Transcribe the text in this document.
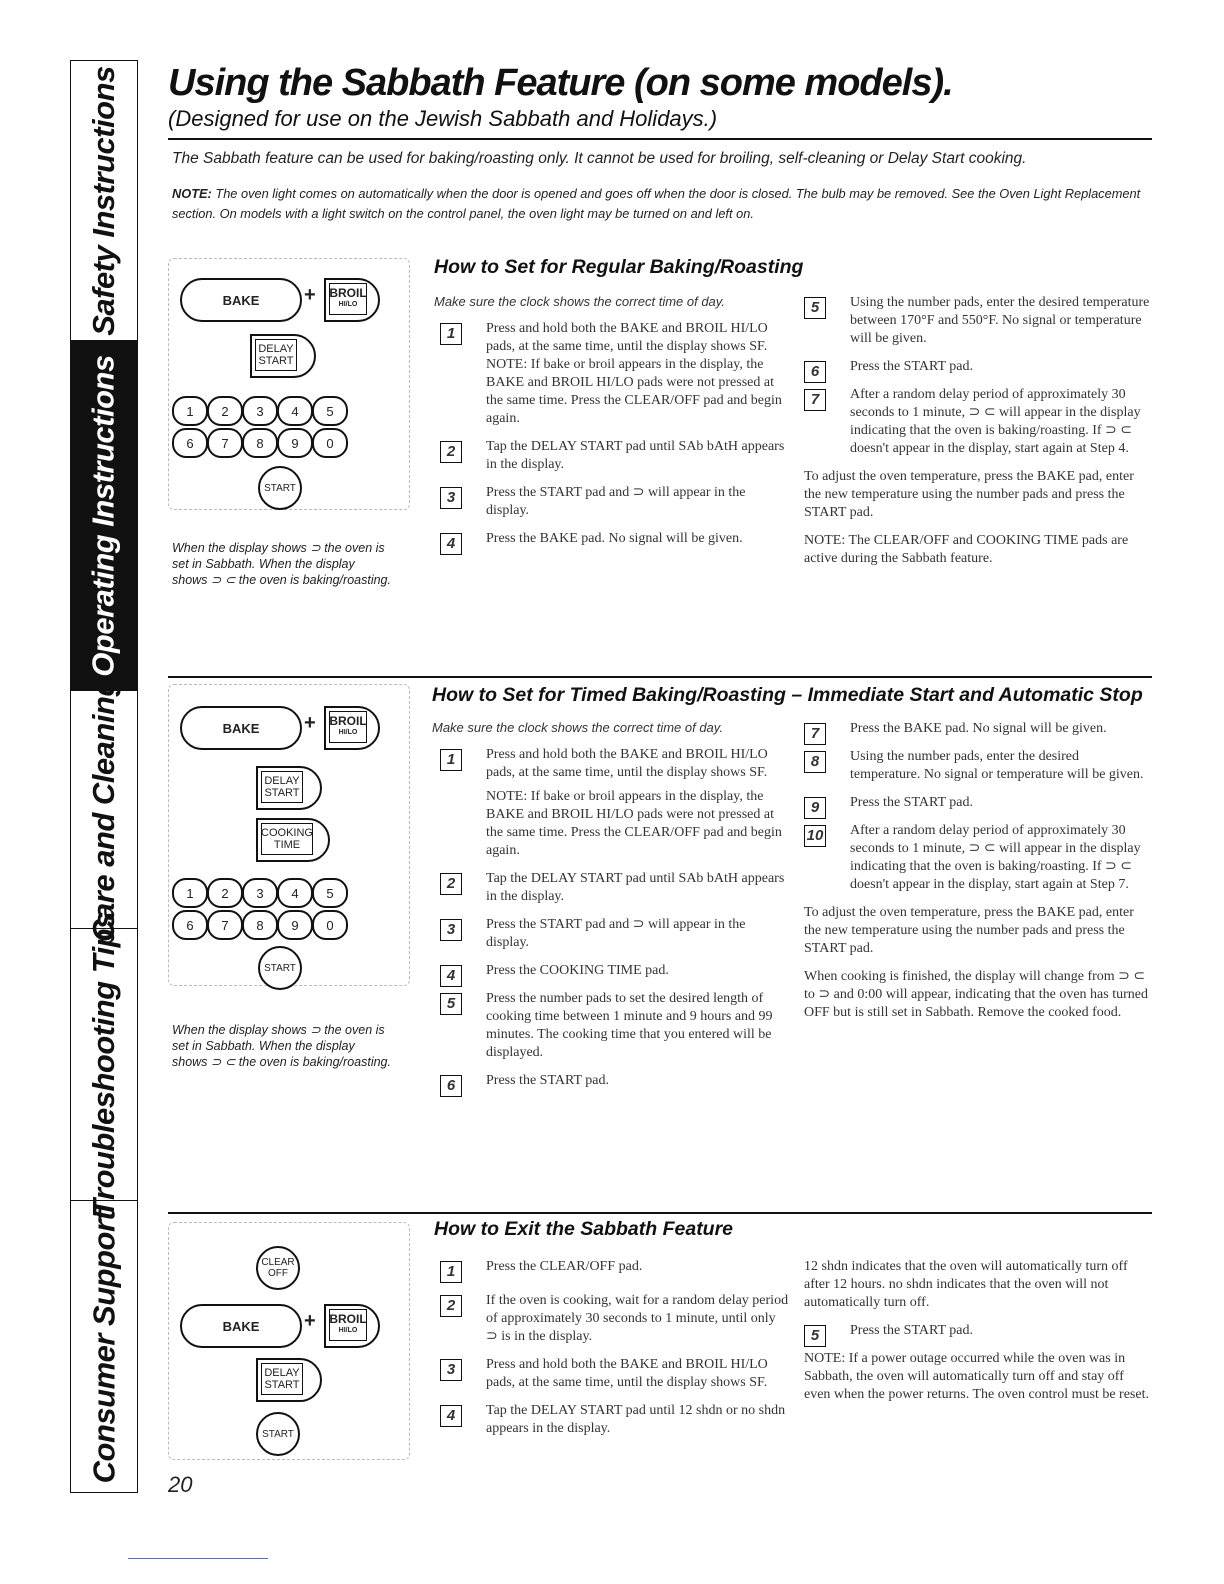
Safety Instructions
Operating Instructions
Care and Cleaning
Troubleshooting Tips
Consumer Support
Using the Sabbath Feature (on some models).
(Designed for use on the Jewish Sabbath and Holidays.)
The Sabbath feature can be used for baking/roasting only. It cannot be used for broiling, self-cleaning or Delay Start cooking.
NOTE: The oven light comes on automatically when the door is opened and goes off when the door is closed. The bulb may be removed. See the Oven Light Replacement section. On models with a light switch on the control panel, the oven light may be turned on and left on.
BAKE	+ BROIL
HI/LO
DELAY
START
1	2	3	4	5
6	7	8	9	0
START
When the display shows ⊃ the oven is set in Sabbath. When the display shows ⊃ ⊂ the oven is baking/roasting.
How to Set for Regular Baking/Roasting
Make sure the clock shows the correct time of day.
1	Press and hold both the BAKE and BROIL HI/LO pads, at the same time, until the display shows SF.
NOTE: If bake or broil appears in the display, the BAKE and BROIL HI/LO pads were not pressed at the same time. Press the CLEAR/OFF pad and begin again.
2	Tap the DELAY START pad until SAb bAtH appears in the display.
3	Press the START pad and ⊃ will appear in the display.
4	Press the BAKE pad. No signal will be given.
5	Using the number pads, enter the desired temperature between 170°F and 550°F. No signal or temperature will be given.
6	Press the START pad.
7	After a random delay period of approximately 30 seconds to 1 minute, ⊃ ⊂ will appear in the display indicating that the oven is baking/roasting. If ⊃ ⊂ doesn't appear in the display, start again at Step 4.

To adjust the oven temperature, press the BAKE pad, enter the new temperature using the number pads and press the START pad.

NOTE: The CLEAR/OFF and COOKING TIME pads are active during the Sabbath feature.

BAKE	+ BROIL
HI/LO
DELAY
START
COOKING
TIME
1	2	3	4	5
6	7	8	9	0
START
When the display shows ⊃ the oven is set in Sabbath. When the display shows ⊃ ⊂ the oven is baking/roasting.
How to Set for Timed Baking/Roasting – Immediate Start and Automatic Stop
Make sure the clock shows the correct time of day.
1	Press and hold both the BAKE and BROIL HI/LO pads, at the same time, until the display shows SF.
NOTE: If bake or broil appears in the display, the BAKE and BROIL HI/LO pads were not pressed at the same time. Press the CLEAR/OFF pad and begin again.
2	Tap the DELAY START pad until SAb bAtH appears in the display.
3	Press the START pad and ⊃ will appear in the display.
4	Press the COOKING TIME pad.
5	Press the number pads to set the desired length of cooking time between 1 minute and 9 hours and 99 minutes. The cooking time that you entered will be displayed.
6	Press the START pad.
7	Press the BAKE pad. No signal will be given.
8	Using the number pads, enter the desired temperature. No signal or temperature will be given.
9	Press the START pad.
10 After a random delay period of approximately 30 seconds to 1 minute, ⊃ ⊂ will appear in the display indicating that the oven is baking/roasting. If ⊃ ⊂ doesn't appear in the display, start again at Step 7.

To adjust the oven temperature, press the BAKE pad, enter the new temperature using the number pads and press the START pad.

When cooking is finished, the display will change from ⊃ ⊂ to ⊃ and 0:00 will appear, indicating that the oven has turned OFF but is still set in Sabbath. Remove the cooked food.

CLEAR
OFF
BAKE	+ BROIL
HI/LO
DELAY
START
START
How to Exit the Sabbath Feature
1	Press the CLEAR/OFF pad.
2	If the oven is cooking, wait for a random delay period of approximately 30 seconds to 1 minute, until only ⊃ is in the display.
3	Press and hold both the BAKE and BROIL HI/LO pads, at the same time, until the display shows SF.
4	Tap the DELAY START pad until 12 shdn or no shdn appears in the display.

12 shdn indicates that the oven will automatically turn off after 12 hours. no shdn indicates that the oven will not automatically turn off.

5	Press the START pad.

NOTE: If a power outage occurred while the oven was in Sabbath, the oven will automatically turn off and stay off even when the power returns. The oven control must be reset.

20
